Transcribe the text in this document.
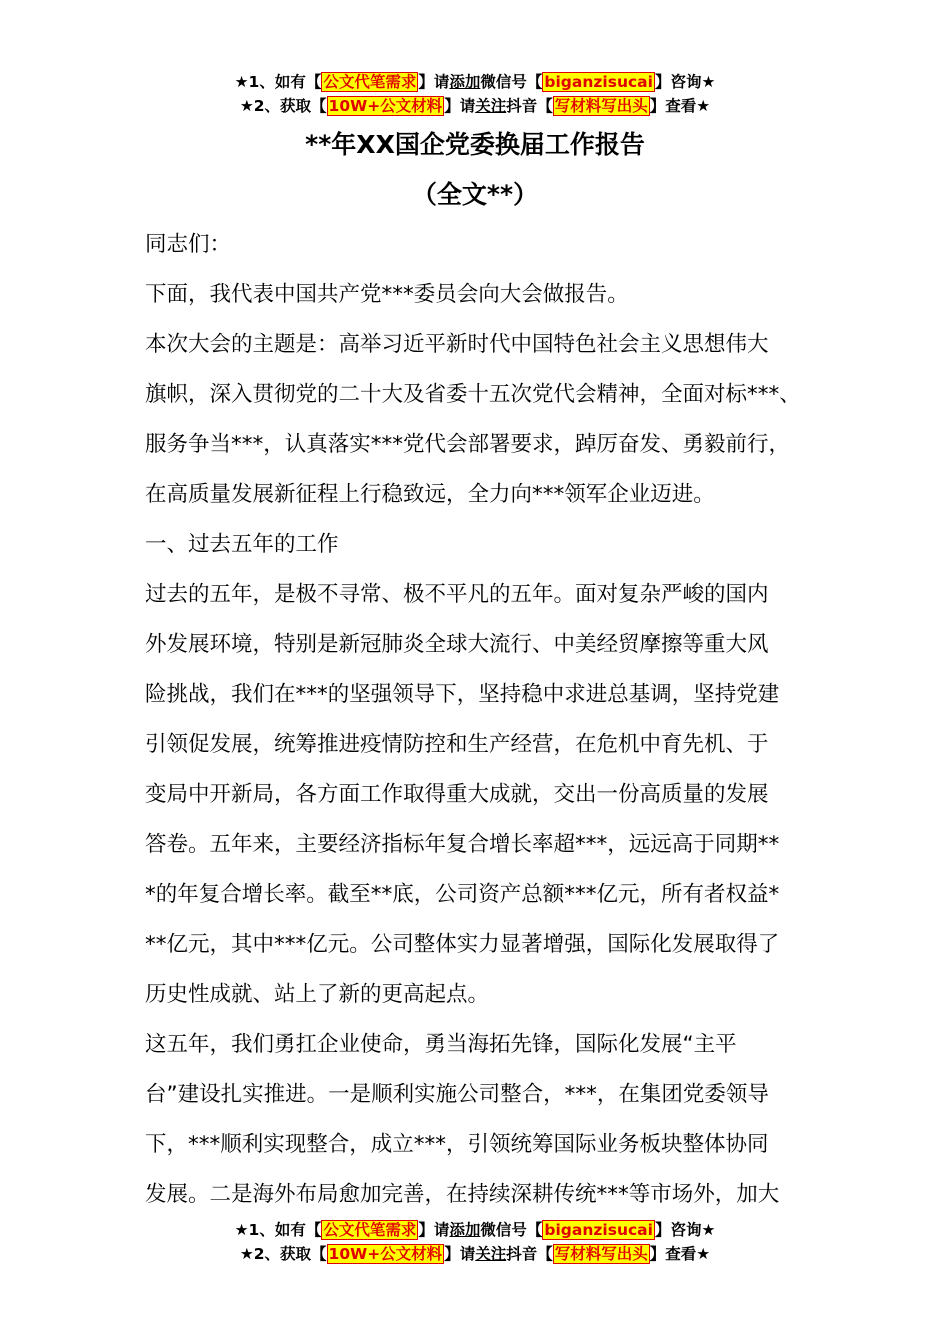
★1、如有【 公文代笔需求 】请添加微信号【 biganzisucai 】咨询★
★2、获取【 10W+公文材料 】请关注抖音【 写材料写出头 】查看★
**年XX国企党委换届工作报告
（全文**）

同志们：

下面，我代表中国共产党***委员会向大会做报告。

本次大会的主题是：高举习近平新时代中国特色社会主义思想伟大

旗帜，深入贯彻党的二十大及省委十五次党代会精神，全面对标***、

服务争当***，认真落实***党代会部署要求，踔厉奋发、勇毅前行，

在高质量发展新征程上行稳致远，全力向***领军企业迈进。

一、过去五年的工作

过去的五年，是极不寻常、极不平凡的五年。面对复杂严峻的国内

外发展环境，特别是新冠肺炎全球大流行、中美经贸摩擦等重大风

险挑战，我们在***的坚强领导下，坚持稳中求进总基调，坚持党建

引领促发展，统筹推进疫情防控和生产经营，在危机中育先机、于

变局中开新局，各方面工作取得重大成就，交出一份高质量的发展

答卷。五年来，主要经济指标年复合增长率超***，远远高于同期**

*的年复合增长率。截至**底，公司资产总额***亿元，所有者权益*

**亿元，其中***亿元。公司整体实力显著增强，国际化发展取得了

历史性成就、站上了新的更高起点。

这五年，我们勇扛企业使命，勇当海拓先锋，国际化发展“主平

台”建设扎实推进。一是顺利实施公司整合，***，在集团党委领导

下，***顺利实现整合，成立***，引领统筹国际业务板块整体协同

发展。二是海外布局愈加完善，在持续深耕传统***等市场外，加大

★1、如有【 公文代笔需求 】请添加微信号【 biganzisucai 】咨询★
★2、获取【 10W+公文材料 】请关注抖音【 写材料写出头 】查看★
